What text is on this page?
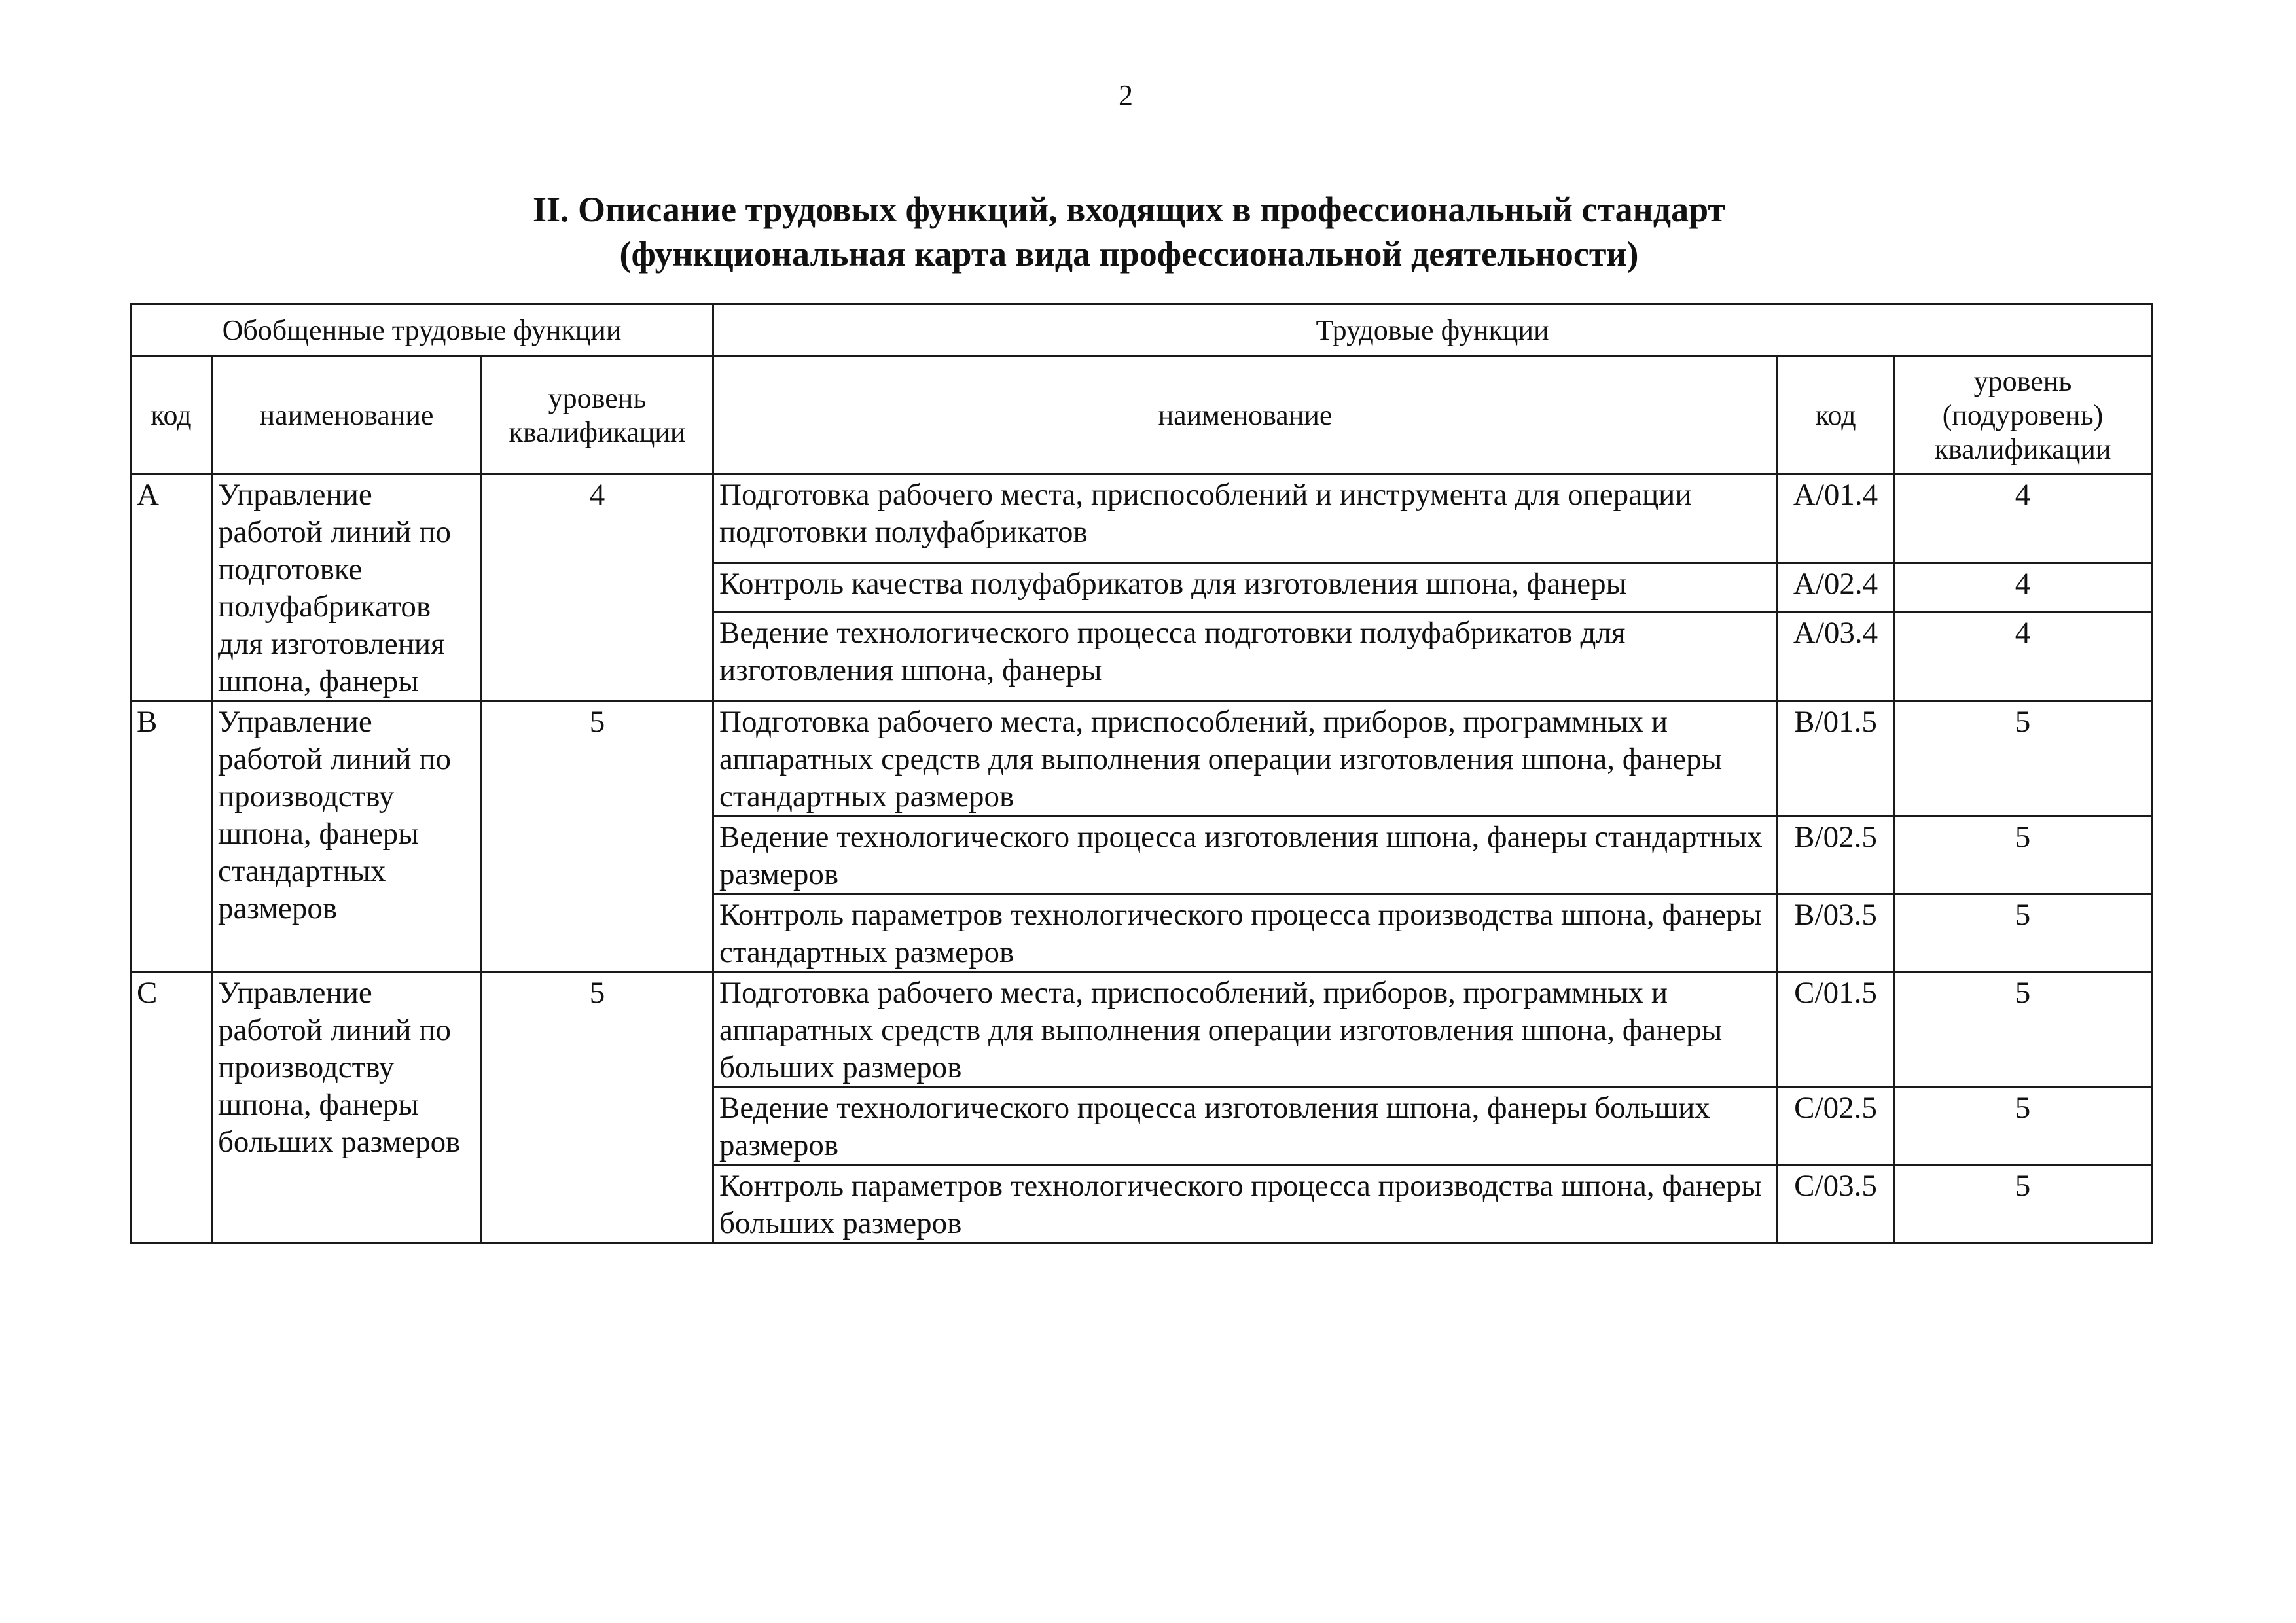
2
II. Описание трудовых функций, входящих в профессиональный стандарт
(функциональная карта вида профессиональной деятельности)
Обобщенные трудовые функции			Трудовые функции		
код	наименование	уровень квалификации	наименование	код	уровень (подуровень) квалификации
A	Управление работой линий по подготовке полуфабрикатов для изготовления шпона, фанеры	4	Подготовка рабочего места, приспособлений и инструмента для операции подготовки полуфабрикатов	A/01.4	4
			Контроль качества полуфабрикатов для изготовления шпона, фанеры	A/02.4	4
			Ведение технологического процесса подготовки полуфабрикатов для изготовления шпона, фанеры	A/03.4	4
B	Управление работой линий по производству шпона, фанеры стандартных размеров	5	Подготовка рабочего места, приспособлений, приборов, программных и аппаратных средств для выполнения операции изготовления шпона, фанеры стандартных размеров	B/01.5	5
			Ведение технологического процесса изготовления шпона, фанеры стандартных размеров	B/02.5	5
			Контроль параметров технологического процесса производства шпона, фанеры стандартных размеров	B/03.5	5
C	Управление работой линий по производству шпона, фанеры больших размеров	5	Подготовка рабочего места, приспособлений, приборов, программных и аппаратных средств для выполнения операции изготовления шпона, фанеры больших размеров	C/01.5	5
			Ведение технологического процесса изготовления шпона, фанеры больших размеров	C/02.5	5
			Контроль параметров технологического процесса производства шпона, фанеры больших размеров	C/03.5	5
